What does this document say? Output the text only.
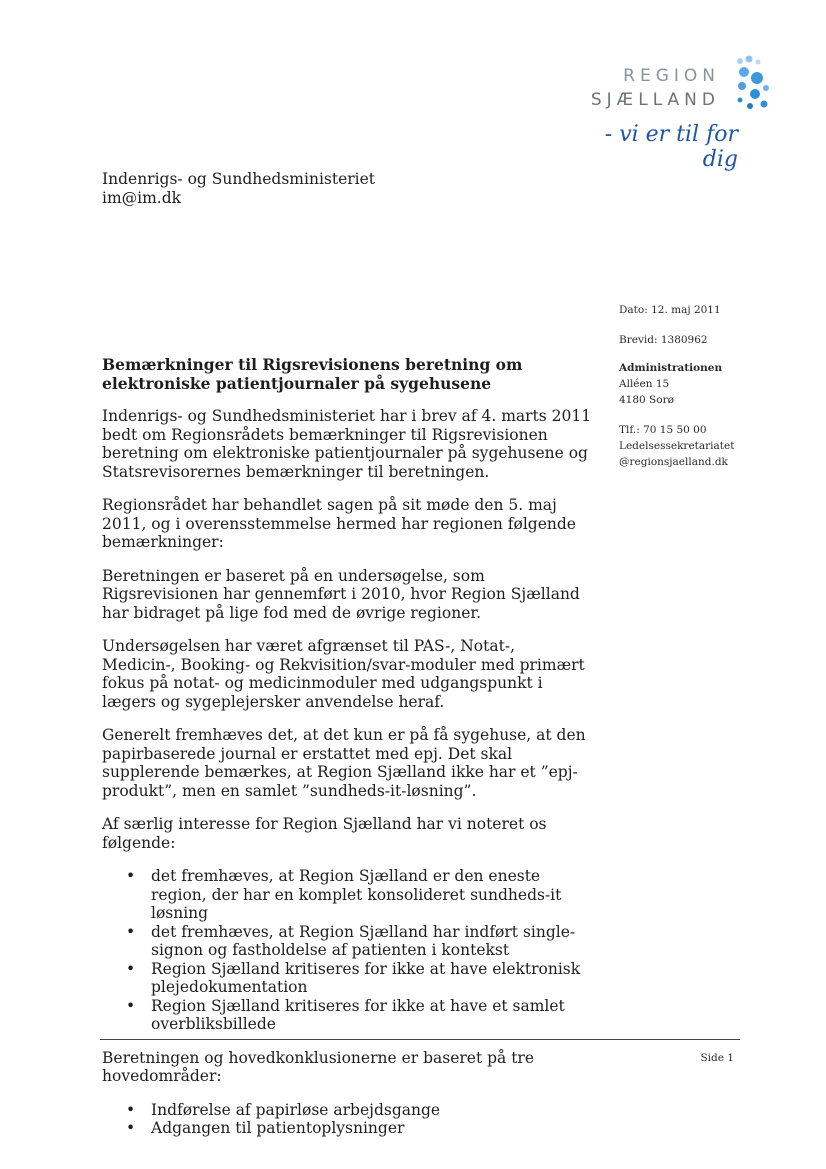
REGION
SJÆLLAND
- vi er til for dig
Indenrigs- og Sundhedsministeriet
im@im.dk
Dato: 12. maj 2011
Brevid: 1380962
Administrationen
Alléen 15
4180 Sorø
Tlf.: 70 15 50 00
Ledelsessekretariatet
@regionsjaelland.dk
Bemærkninger til Rigsrevisionens beretning om elektroniske patientjournaler på sygehusene

Indenrigs- og Sundhedsministeriet har i brev af 4. marts 2011 bedt om Regionsrådets bemærkninger til Rigsrevisionen beretning om elektroniske patientjournaler på sygehusene og Statsrevisorernes bemærkninger til beretningen.

Regionsrådet har behandlet sagen på sit møde den 5. maj 2011, og i overensstemmelse hermed har regionen følgende bemærkninger:

Beretningen er baseret på en undersøgelse, som Rigsrevisionen har gennemført i 2010, hvor Region Sjælland har bidraget på lige fod med de øvrige regioner.

Undersøgelsen har været afgrænset til PAS-, Notat-, Medicin-, Booking- og Rekvisition/svar-moduler med primært fokus på notat- og medicinmoduler med udgangspunkt i lægers og sygeplejersker anvendelse heraf.

Generelt fremhæves det, at det kun er på få sygehuse, at den papirbaserede journal er erstattet med epj. Det skal supplerende bemærkes, at Region Sjælland ikke har et ”epj-produkt”, men en samlet ”sundheds-it-løsning”.

Af særlig interesse for Region Sjælland har vi noteret os følgende:

• det fremhæves, at Region Sjælland er den eneste region, der har en komplet konsolideret sundheds-it løsning
• det fremhæves, at Region Sjælland har indført single-signon og fastholdelse af patienten i kontekst
• Region Sjælland kritiseres for ikke at have elektronisk plejedokumentation
• Region Sjælland kritiseres for ikke at have et samlet overbliksbillede

Beretningen og hovedkonklusionerne er baseret på tre hovedområder:

• Indførelse af papirløse arbejdsgange
• Adgangen til patientoplysninger
Side 1
